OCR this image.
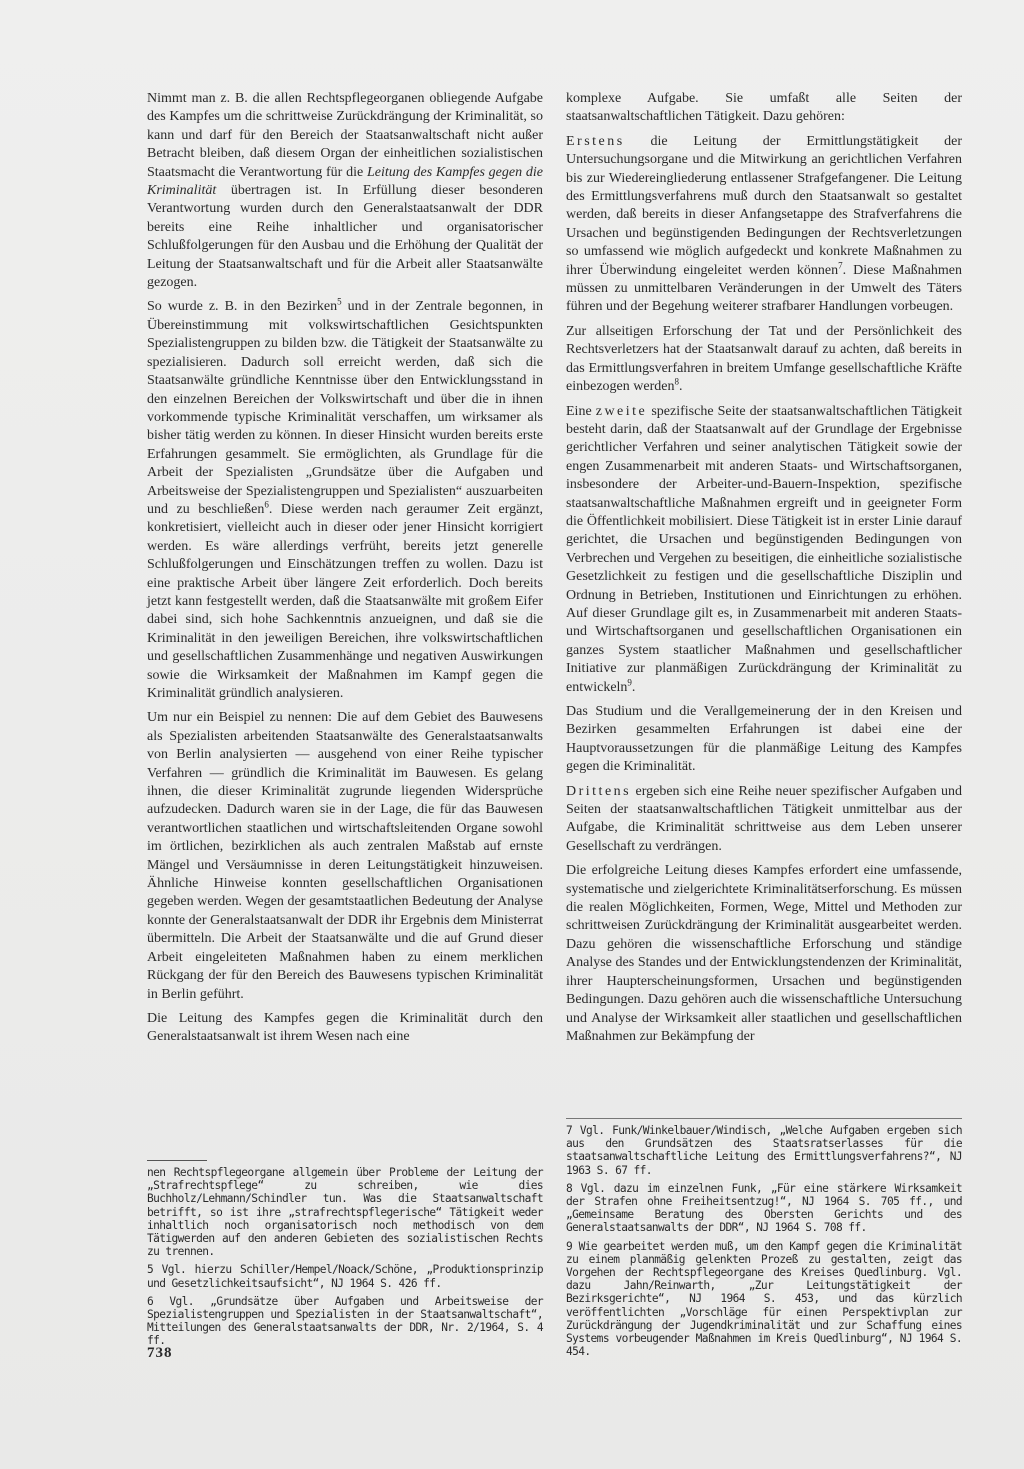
Nimmt man z. B. die allen Rechtspflegeorganen obliegende Aufgabe des Kampfes um die schrittweise Zurückdrängung der Kriminalität, so kann und darf für den Bereich der Staatsanwaltschaft nicht außer Betracht bleiben, daß diesem Organ der einheitlichen sozialistischen Staatsmacht die Verantwortung für die Leitung des Kampfes gegen die Kriminalität übertragen ist. In Erfüllung dieser besonderen Verantwortung wurden durch den Generalstaatsanwalt der DDR bereits eine Reihe inhaltlicher und organisatorischer Schlußfolgerungen für den Ausbau und die Erhöhung der Qualität der Leitung der Staatsanwaltschaft und für die Arbeit aller Staatsanwälte gezogen.

So wurde z. B. in den Bezirken$^5$ und in der Zentrale begonnen, in Übereinstimmung mit volkswirtschaftlichen Gesichtspunkten Spezialistengruppen zu bilden bzw. die Tätigkeit der Staatsanwälte zu spezialisieren. Dadurch soll erreicht werden, daß sich die Staatsanwälte gründliche Kenntnisse über den Entwicklungsstand in den einzelnen Bereichen der Volkswirtschaft und über die in ihnen vorkommende typische Kriminalität verschaffen, um wirksamer als bisher tätig werden zu können. In dieser Hinsicht wurden bereits erste Erfahrungen gesammelt. Sie ermöglichten, als Grundlage für die Arbeit der Spezialisten „Grundsätze über die Aufgaben und Arbeitsweise der Spezialistengruppen und Spezialisten“ auszuarbeiten und zu beschließen$^6$. Diese werden nach geraumer Zeit ergänzt, konkretisiert, vielleicht auch in dieser oder jener Hinsicht korrigiert werden. Es wäre allerdings verfrüht, bereits jetzt generelle Schlußfolgerungen und Einschätzungen treffen zu wollen. Dazu ist eine praktische Arbeit über längere Zeit erforderlich. Doch bereits jetzt kann festgestellt werden, daß die Staatsanwälte mit großem Eifer dabei sind, sich hohe Sachkenntnis anzueignen, und daß sie die Kriminalität in den jeweiligen Bereichen, ihre volkswirtschaftlichen und gesellschaftlichen Zusammenhänge und negativen Auswirkungen sowie die Wirksamkeit der Maßnahmen im Kampf gegen die Kriminalität gründlich analysieren.

Um nur ein Beispiel zu nennen: Die auf dem Gebiet des Bauwesens als Spezialisten arbeitenden Staatsanwälte des Generalstaatsanwalts von Berlin analysierten — ausgehend von einer Reihe typischer Verfahren — gründlich die Kriminalität im Bauwesen. Es gelang ihnen, die dieser Kriminalität zugrunde liegenden Widersprüche aufzudecken. Dadurch waren sie in der Lage, die für das Bauwesen verantwortlichen staatlichen und wirtschaftsleitenden Organe sowohl im örtlichen, bezirklichen als auch zentralen Maßstab auf ernste Mängel und Versäumnisse in deren Leitungstätigkeit hinzuweisen. Ähnliche Hinweise konnten gesellschaftlichen Organisationen gegeben werden. Wegen der gesamtstaatlichen Bedeutung der Analyse konnte der Generalstaatsanwalt der DDR ihr Ergebnis dem Ministerrat übermitteln. Die Arbeit der Staatsanwälte und die auf Grund dieser Arbeit eingeleiteten Maßnahmen haben zu einem merklichen Rückgang der für den Bereich des Bauwesens typischen Kriminalität in Berlin geführt.

Die Leitung des Kampfes gegen die Kriminalität durch den Generalstaatsanwalt ist ihrem Wesen nach eine

komplexe Aufgabe. Sie umfaßt alle Seiten der staatsanwaltschaftlichen Tätigkeit. Dazu gehören:

Erstens die Leitung der Ermittlungstätigkeit der Untersuchungsorgane und die Mitwirkung an gerichtlichen Verfahren bis zur Wiedereingliederung entlassener Strafgefangener. Die Leitung des Ermittlungsverfahrens muß durch den Staatsanwalt so gestaltet werden, daß bereits in dieser Anfangsetappe des Strafverfahrens die Ursachen und begünstigenden Bedingungen der Rechtsverletzungen so umfassend wie möglich aufgedeckt und konkrete Maßnahmen zu ihrer Überwindung eingeleitet werden können$^7$. Diese Maßnahmen müssen zu unmittelbaren Veränderungen in der Umwelt des Täters führen und der Begehung weiterer strafbarer Handlungen vorbeugen.

Zur allseitigen Erforschung der Tat und der Persönlichkeit des Rechtsverletzers hat der Staatsanwalt darauf zu achten, daß bereits in das Ermittlungsverfahren in breitem Umfange gesellschaftliche Kräfte einbezogen werden$^8$.

Eine zweite spezifische Seite der staatsanwaltschaftlichen Tätigkeit besteht darin, daß der Staatsanwalt auf der Grundlage der Ergebnisse gerichtlicher Verfahren und seiner analytischen Tätigkeit sowie der engen Zusammenarbeit mit anderen Staats- und Wirtschaftsorganen, insbesondere der Arbeiter-und-Bauern-Inspektion, spezifische staatsanwaltschaftliche Maßnahmen ergreift und in geeigneter Form die Öffentlichkeit mobilisiert. Diese Tätigkeit ist in erster Linie darauf gerichtet, die Ursachen und begünstigenden Bedingungen von Verbrechen und Vergehen zu beseitigen, die einheitliche sozialistische Gesetzlichkeit zu festigen und die gesellschaftliche Disziplin und Ordnung in Betrieben, Institutionen und Einrichtungen zu erhöhen. Auf dieser Grundlage gilt es, in Zusammenarbeit mit anderen Staats- und Wirtschaftsorganen und gesellschaftlichen Organisationen ein ganzes System staatlicher Maßnahmen und gesellschaftlicher Initiative zur planmäßigen Zurückdrängung der Kriminalität zu entwickeln$^9$.

Das Studium und die Verallgemeinerung der in den Kreisen und Bezirken gesammelten Erfahrungen ist dabei eine der Hauptvoraussetzungen für die planmäßige Leitung des Kampfes gegen die Kriminalität.

Drittens ergeben sich eine Reihe neuer spezifischer Aufgaben und Seiten der staatsanwaltschaftlichen Tätigkeit unmittelbar aus der Aufgabe, die Kriminalität schrittweise aus dem Leben unserer Gesellschaft zu verdrängen.

Die erfolgreiche Leitung dieses Kampfes erfordert eine umfassende, systematische und zielgerichtete Kriminalitätserforschung. Es müssen die realen Möglichkeiten, Formen, Wege, Mittel und Methoden zur schrittweisen Zurückdrängung der Kriminalität ausgearbeitet werden. Dazu gehören die wissenschaftliche Erforschung und ständige Analyse des Standes und der Entwicklungstendenzen der Kriminalität, ihrer Haupterscheinungsformen, Ursachen und begünstigenden Bedingungen. Dazu gehören auch die wissenschaftliche Untersuchung und Analyse der Wirksamkeit aller staatlichen und gesellschaftlichen Maßnahmen zur Bekämpfung der

nen Rechtspflegeorgane allgemein über Probleme der Leitung der „Strafrechtspflege“ zu schreiben, wie dies Buchholz/Lehmann/Schindler tun. Was die Staatsanwaltschaft betrifft, so ist ihre „strafrechtspflegerische“ Tätigkeit weder inhaltlich noch organisatorisch noch methodisch von dem Tätigwerden auf den anderen Gebieten des sozialistischen Rechts zu trennen.

5 Vgl. hierzu Schiller/Hempel/Noack/Schöne, „Produktionsprinzip und Gesetzlichkeitsaufsicht“, NJ 1964 S. 426 ff.

6 Vgl. „Grundsätze über Aufgaben und Arbeitsweise der Spezialistengruppen und Spezialisten in der Staatsanwaltschaft“, Mitteilungen des Generalstaatsanwalts der DDR, Nr. 2/1964, S. 4 ff.

7 Vgl. Funk/Winkelbauer/Windisch, „Welche Aufgaben ergeben sich aus den Grundsätzen des Staatsratserlasses für die staatsanwaltschaftliche Leitung des Ermittlungsverfahrens?“, NJ 1963 S. 67 ff.

8 Vgl. dazu im einzelnen Funk, „Für eine stärkere Wirksamkeit der Strafen ohne Freiheitsentzug!“, NJ 1964 S. 705 ff., und „Gemeinsame Beratung des Obersten Gerichts und des Generalstaatsanwalts der DDR“, NJ 1964 S. 708 ff.

9 Wie gearbeitet werden muß, um den Kampf gegen die Kriminalität zu einem planmäßig gelenkten Prozeß zu gestalten, zeigt das Vorgehen der Rechtspflegeorgane des Kreises Quedlinburg. Vgl. dazu Jahn/Reinwarth, „Zur Leitungstätigkeit der Bezirksgerichte“, NJ 1964 S. 453, und das kürzlich veröffentlichten „Vorschläge für einen Perspektivplan zur Zurückdrängung der Jugendkriminalität und zur Schaffung eines Systems vorbeugender Maßnahmen im Kreis Quedlinburg“, NJ 1964 S. 454.

738
